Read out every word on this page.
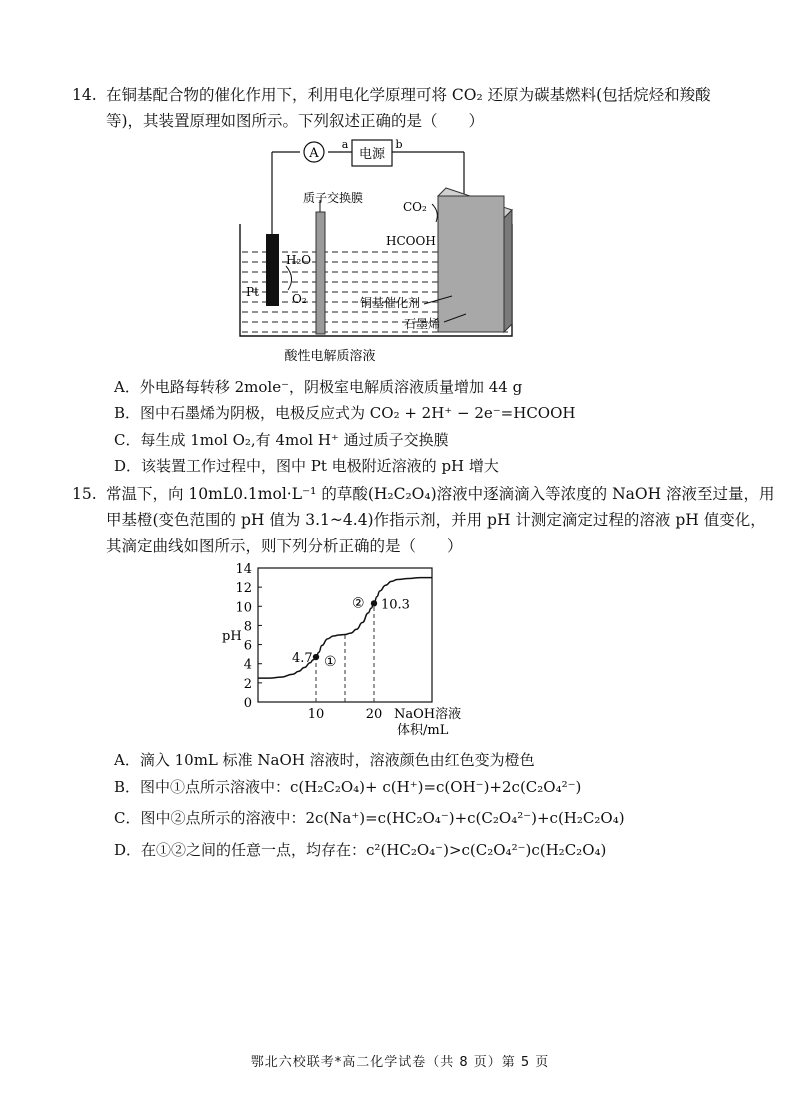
14. 在铜基配合物的催化作用下，利用电化学原理可将 CO₂ 还原为碳基燃料(包括烷烃和羧酸
等)，其装置原理如图所示。下列叙述正确的是（　　）
A	电源
a	b
质子交换膜
CO₂
HCOOH
铜基催化剂
石墨烯
H₂O
Pt	O₂
酸性电解质溶液
A．外电路每转移 2mole⁻，阴极室电解质溶液质量增加 44 g
B．图中石墨烯为阴极，电极反应式为 CO₂ + 2H⁺ − 2e⁻=HCOOH
C．每生成 1mol O₂,有 4mol H⁺ 通过质子交换膜
D．该装置工作过程中，图中 Pt 电极附近溶液的 pH 增大
15. 常温下，向 10mL0.1mol·L⁻¹ 的草酸(H₂C₂O₄)溶液中逐滴滴入等浓度的 NaOH 溶液至过量，用
甲基橙(变色范围的 pH 值为 3.1~4.4)作指示剂，并用 pH 计测定滴定过程的溶液 pH 值变化，
其滴定曲线如图所示，则下列分析正确的是（　　）
0
2
4
6
8
10
12
14
10	20
pH
NaOH溶液
体积/mL
4.7 ①
10.3
②
A．滴入 10mL 标准 NaOH 溶液时，溶液颜色由红色变为橙色
B．图中①点所示溶液中：c(H₂C₂O₄)+ c(H⁺)=c(OH⁻)+2c(C₂O₄²⁻)
C．图中②点所示的溶液中：2c(Na⁺)=c(HC₂O₄⁻)+c(C₂O₄²⁻)+c(H₂C₂O₄)
D．在①②之间的任意一点，均存在：c²(HC₂O₄⁻)>c(C₂O₄²⁻)c(H₂C₂O₄)
鄂北六校联考*高二化学试卷（共 8 页）第 5 页
